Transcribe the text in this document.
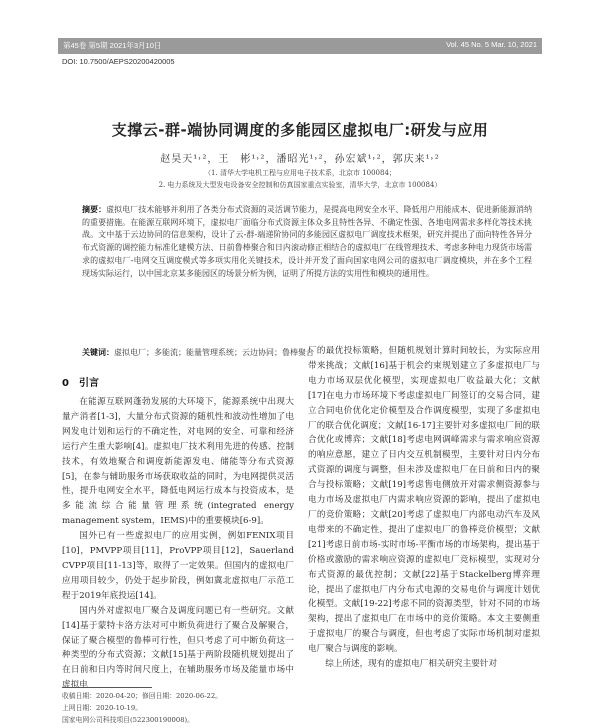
第45卷 第5期 2021年3月10日	Vol. 45 No. 5 Mar. 10, 2021
DOI: 10.7500/AEPS20200420005
支撑云-群-端协同调度的多能园区虚拟电厂:研发与应用
赵昊天¹˒²，王　彬¹˒²，潘昭光¹˒²，孙宏斌¹˒²，郭庆来¹˒²
（1. 清华大学电机工程与应用电子技术系，北京市 100084；
2. 电力系统及大型发电设备安全控制和仿真国家重点实验室，清华大学，北京市 100084）
摘要：虚拟电厂技术能够并利用了各类分布式资源的灵活调节能力，是提高电网安全水平、降低用户用能成本、促进新能源消纳的重要措施。在能源互联网环境下，虚拟电厂面临分布式资源主体众多且特性各异、不确定性强、各地电网需求多样化等技术挑战。文中基于云边协同的信息架构，设计了云-群-端递阶协同的多能园区虚拟电厂调度技术框架，研究并提出了面向特性各异分布式资源的调控能力标准化建模方法、日前鲁棒聚合和日内滚动修正相结合的虚拟电厂在线管理技术、考虑多种电力现货市场需求的虚拟电厂-电网交互调度模式等多项实用化关键技术，设计并开发了面向国家电网公司的虚拟电厂调度模块，并在多个工程现场实际运行，以中国北京某多能园区的场景分析为例，证明了所提方法的实用性和模块的通用性。
关键词：虚拟电厂；多能流；能量管理系统；云边协同；鲁棒聚合
0　引言

在能源互联网蓬勃发展的大环境下，能源系统中出现大量产消者[1-3]，大量分布式资源的随机性和波动性增加了电网发电计划和运行的不确定性，对电网的安全、可靠和经济运行产生重大影响[4]。虚拟电厂技术利用先进的传感、控制技术，有效地聚合和调度新能源发电、储能等分布式资源[5]，在参与辅助服务市场获取收益的同时，为电网提供灵活性，提升电网安全水平，降低电网运行成本与投资成本，是多能流综合能量管理系统(integrated energy management system，IEMS)中的重要模块[6-9]。

国外已有一些虚拟电厂的应用实例，例如FENIX项目[10]，PMVPP项目[11]，ProVPP项目[12]，Sauerland CVPP项目[11-13]等，取得了一定效果。但国内的虚拟电厂应用项目较少，仍处于起步阶段，例如冀北虚拟电厂示范工程于2019年底投运[14]。

国内外对虚拟电厂聚合及调度问题已有一些研究。文献[14]基于蒙特卡洛方法对可中断负荷进行了聚合及解聚合，保证了聚合模型的鲁棒可行性，但只考虑了可中断负荷这一种类型的分布式资源；文献[15]基于两阶段随机规划提出了在日前和日内等时间尺度上，在辅助服务市场及能量市场中虚拟电

厂的最优投标策略，但随机规划计算时间较长，为实际应用带来挑战；文献[16]基于机会约束规划建立了多虚拟电厂与电力市场双层优化模型，实现虚拟电厂收益最大化；文献[17]在电力市场环境下考虑虚拟电厂间签订的交易合同，建立合同电价优化定价模型及合作调度模型，实现了多虚拟电厂的联合优化调度；文献[16-17]主要针对多虚拟电厂间的联合优化或博弈；文献[18]考虑电网调峰需求与需求响应资源的响应意愿，建立了日内交互机制模型，主要针对日内分布式资源的调度与调整，但未涉及虚拟电厂在日前和日内的聚合与投标策略；文献[19]考虑售电侧放开对需求侧资源参与电力市场及虚拟电厂内需求响应资源的影响，提出了虚拟电厂的竞价策略；文献[20]考虑了虚拟电厂内部电动汽车及风电带来的不确定性，提出了虚拟电厂的鲁棒竞价模型；文献[21]考虑日前市场-实时市场-平衡市场的市场架构，提出基于价格或激励的需求响应资源的虚拟电厂竞标模型，实现对分布式资源的最优控制；文献[22]基于Stackelberg博弈理论，提出了虚拟电厂内分布式电源的交易电价与调度计划优化模型。文献[19-22]考虑不同的资源类型，针对不同的市场架构，提出了虚拟电厂在市场中的竞价策略。本文主要侧重于虚拟电厂的聚合与调度，但也考虑了实际市场机制对虚拟电厂聚合与调度的影响。

综上所述，现有的虚拟电厂相关研究主要针对

收稿日期：2020-04-20；修回日期：2020-06-22。
上网日期：2020-10-19。
国家电网公司科技项目(522300190008)。
